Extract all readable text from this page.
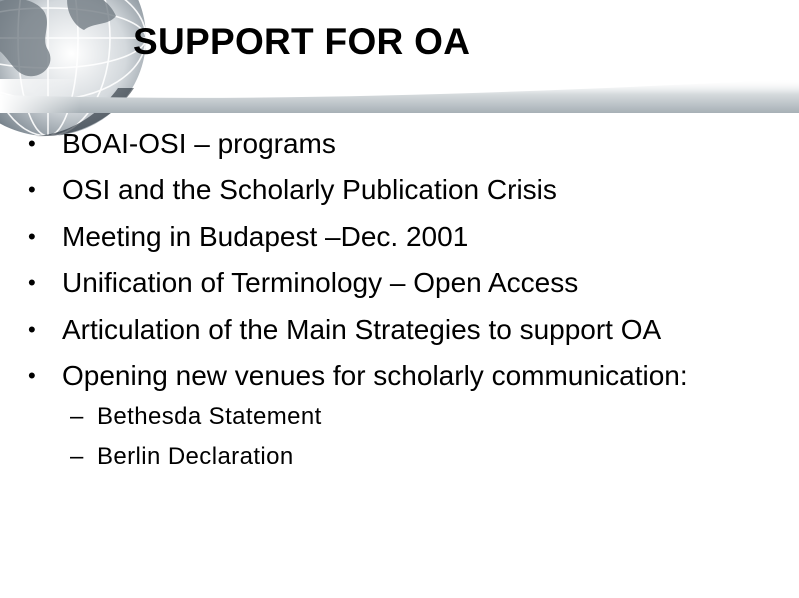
SUPPORT FOR OA
• BOAI-OSI – programs
• OSI and the Scholarly Publication Crisis
• Meeting in Budapest –Dec. 2001
• Unification of Terminology – Open Access
• Articulation of the Main Strategies to support OA
• Opening new venues for scholarly communication:
– Bethesda Statement
– Berlin Declaration
